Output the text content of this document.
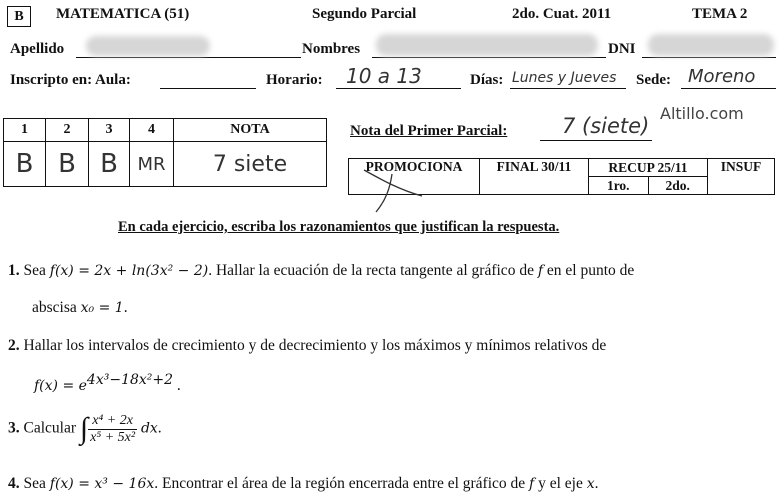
B	MATEMATICA (51)	Segundo Parcial	2do. Cuat. 2011	TEMA 2
Apellido	Nombres	DNI
Inscripto en: Aula:	Horario: 10 a 13	Días: Lunes y Jueves Sede: Moreno
1	2	3	4	NOTA
B	B	B	MR	7 siete
Nota del Primer Parcial:	7 (siete)
Altillo.com
PROMOCIONA	FINAL 30/11	RECUP 25/11		INSUF
		1ro.	2do.	
En cada ejercicio, escriba los razonamientos que justifican la respuesta.
1. Sea f(x) = 2x + ln(3x² − 2). Hallar la ecuación de la recta tangente al gráfico de f en el punto de
abscisa x₀ = 1.
2. Hallar los intervalos de crecimiento y de decrecimiento y los máximos y mínimos relativos de
$f(x) = e^{4x^3-18x^2+2}$ .
3. Calcular ∫ $\frac{\text{x⁴ + 2x}}{\text{x⁵ + 5x²}}$ dx.
4. Sea f(x) = x³ − 16x. Encontrar el área de la región encerrada entre el gráfico de f y el eje x.
